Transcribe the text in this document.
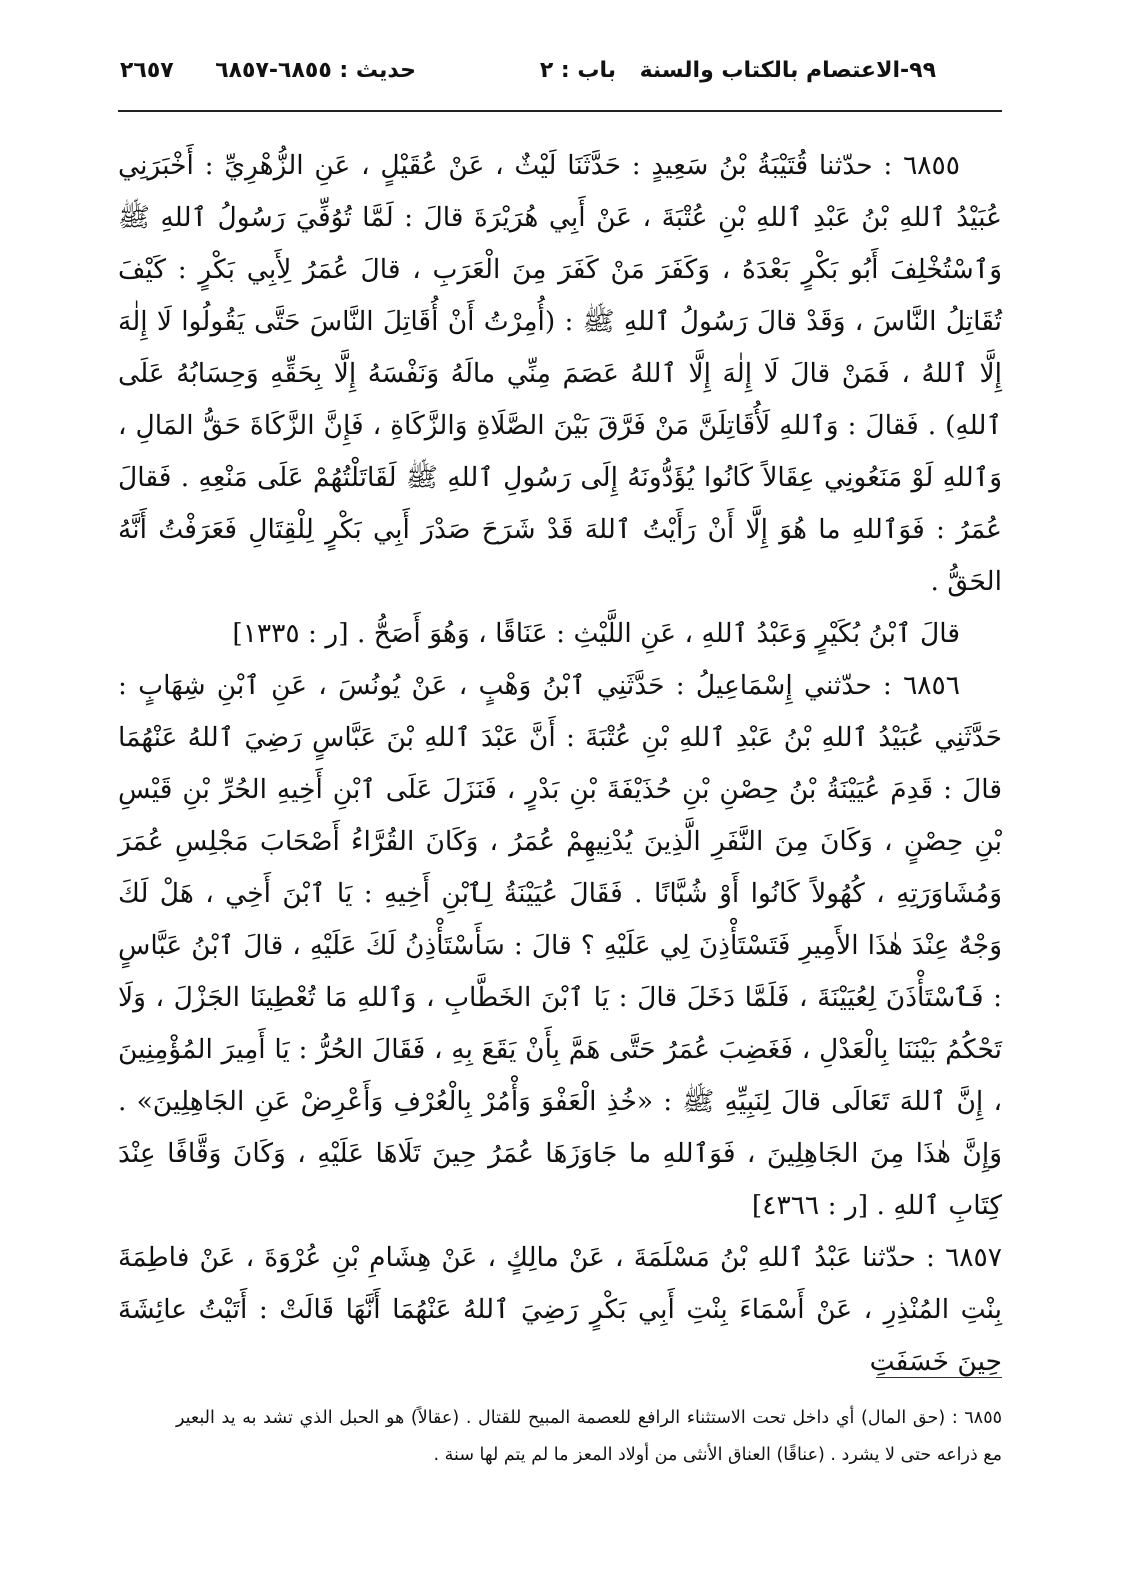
٩٩-الاعتصام بالكتاب والسنة
باب : ٢
حديث : ٦٨٥٥-٦٨٥٧
٢٦٥٧

٦٨٥٥ : حدّثنا قُتَيْبَةُ بْنُ سَعِيدٍ : حَدَّثَنَا لَيْثٌ ، عَنْ عُقَيْلٍ ، عَنِ الزُّهْرِيِّ : أَخْبَرَنِي عُبَيْدُ ٱللهِ بْنُ عَبْدِ ٱللهِ بْنِ عُتْبَةَ ، عَنْ أَبِي هُرَيْرَةَ قالَ : لَمَّا تُوُفِّيَ رَسُولُ ٱللهِ ﷺ وَٱسْتُخْلِفَ أَبُو بَكْرٍ بَعْدَهُ ، وَكَفَرَ مَنْ كَفَرَ مِنَ الْعَرَبِ ، قالَ عُمَرُ لِأَبِي بَكْرٍ : كَيْفَ تُقَاتِلُ النَّاسَ ، وَقَدْ قالَ رَسُولُ ٱللهِ ﷺ : (أُمِرْتُ أَنْ أُقَاتِلَ النَّاسَ حَتَّى يَقُولُوا لَا إِلٰهَ إِلَّا ٱللهُ ، فَمَنْ قالَ لَا إِلٰهَ إِلَّا ٱللهُ عَصَمَ مِنِّي مالَهُ وَنَفْسَهُ إِلَّا بِحَقِّهِ وَحِسَابُهُ عَلَى ٱللهِ) . فَقالَ : وَٱللهِ لَأُقَاتِلَنَّ مَنْ فَرَّقَ بَيْنَ الصَّلَاةِ وَالزَّكَاةِ ، فَإِنَّ الزَّكَاةَ حَقُّ المَالِ ، وَٱللهِ لَوْ مَنَعُونِي عِقَالاً كَانُوا يُؤَدُّونَهُ إِلَى رَسُولِ ٱللهِ ﷺ لَقَاتَلْتُهُمْ عَلَى مَنْعِهِ . فَقالَ عُمَرُ : فَوَٱللهِ ما هُوَ إِلَّا أَنْ رَأَيْتُ ٱللهَ قَدْ شَرَحَ صَدْرَ أَبِي بَكْرٍ لِلْقِتَالِ فَعَرَفْتُ أَنَّهُ الحَقُّ .

قالَ ٱبْنُ بُكَيْرٍ وَعَبْدُ ٱللهِ ، عَنِ اللَّيْثِ : عَنَاقًا ، وَهُوَ أَصَحُّ . [ر : ١٣٣٥]

٦٨٥٦ : حدّثني إِسْمَاعِيلُ : حَدَّثَنِي ٱبْنُ وَهْبٍ ، عَنْ يُونُسَ ، عَنِ ٱبْنِ شِهَابٍ : حَدَّثَنِي عُبَيْدُ ٱللهِ بْنُ عَبْدِ ٱللهِ بْنِ عُتْبَةَ : أَنَّ عَبْدَ ٱللهِ بْنَ عَبَّاسٍ رَضِيَ ٱللهُ عَنْهُمَا قالَ : قَدِمَ عُيَيْنَةُ بْنُ حِصْنِ بْنِ حُذَيْفَةَ بْنِ بَدْرٍ ، فَنَزَلَ عَلَى ٱبْنِ أَخِيهِ الحُرِّ بْنِ قَيْسِ بْنِ حِصْنٍ ، وَكَانَ مِنَ النَّفَرِ الَّذِينَ يُدْنِيهِمْ عُمَرُ ، وَكَانَ القُرَّاءُ أَصْحَابَ مَجْلِسِ عُمَرَ وَمُشَاوَرَتِهِ ، كُهُولاً كَانُوا أَوْ شُبَّانًا . فَقَالَ عُيَيْنَةُ لِٱبْنِ أَخِيهِ : يَا ٱبْنَ أَخِي ، هَلْ لَكَ وَجْهٌ عِنْدَ هٰذَا الأَمِيرِ فَتَسْتَأْذِنَ لِي عَلَيْهِ ؟ قالَ : سَأَسْتَأْذِنُ لَكَ عَلَيْهِ ، قالَ ٱبْنُ عَبَّاسٍ : فَٱسْتَأْذَنَ لِعُيَيْنَةَ ، فَلَمَّا دَخَلَ قالَ : يَا ٱبْنَ الخَطَّابِ ، وَٱللهِ مَا تُعْطِينَا الجَزْلَ ، وَلَا تَحْكُمُ بَيْنَنَا بِالْعَدْلِ ، فَغَضِبَ عُمَرُ حَتَّى هَمَّ بِأَنْ يَقَعَ بِهِ ، فَقَالَ الحُرُّ : يَا أَمِيرَ المُؤْمِنِينَ ، إِنَّ ٱللهَ تَعَالَى قالَ لِنَبِيِّهِ ﷺ : «خُذِ الْعَفْوَ وَأْمُرْ بِالْعُرْفِ وَأَعْرِضْ عَنِ الجَاهِلِينَ» . وَإِنَّ هٰذَا مِنَ الجَاهِلِينَ ، فَوَٱللهِ ما جَاوَزَهَا عُمَرُ حِينَ تَلَاهَا عَلَيْهِ ، وَكَانَ وَقَّافًا عِنْدَ كِتَابِ ٱللهِ . [ر : ٤٣٦٦]

٦٨٥٧ : حدّثنا عَبْدُ ٱللهِ بْنُ مَسْلَمَةَ ، عَنْ مالِكٍ ، عَنْ هِشَامِ بْنِ عُرْوَةَ ، عَنْ فاطِمَةَ بِنْتِ المُنْذِرِ ، عَنْ أَسْمَاءَ بِنْتِ أَبِي بَكْرٍ رَضِيَ ٱللهُ عَنْهُمَا أَنَّهَا قَالَتْ : أَتَيْتُ عائِشَةَ حِينَ خَسَفَتِ

٦٨٥٥ : (حق المال) أي داخل تحت الاستثناء الرافع للعصمة المبيح للقتال . (عقالاً) هو الحبل الذي تشد به يد البعير مع ذراعه حتى لا يشرد . (عناقًا) العناق الأنثى من أولاد المعز ما لم يتم لها سنة .
